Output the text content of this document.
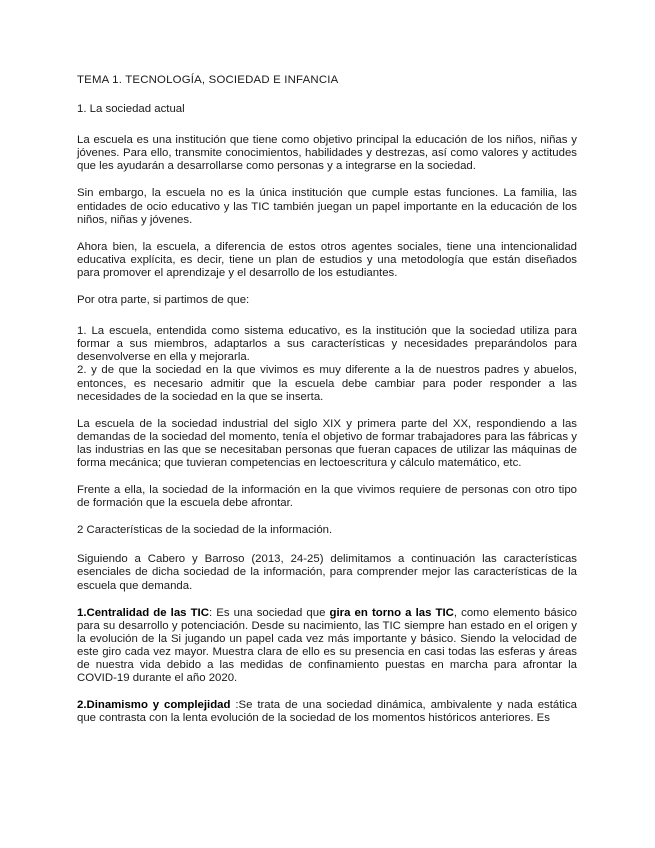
TEMA 1. TECNOLOGÍA, SOCIEDAD E INFANCIA

1. La sociedad actual

La escuela es una institución que tiene como objetivo principal la educación de los niños, niñas y jóvenes. Para ello, transmite conocimientos, habilidades y destrezas, así como valores y actitudes que les ayudarán a desarrollarse como personas y a integrarse en la sociedad.

Sin embargo, la escuela no es la única institución que cumple estas funciones. La familia, las entidades de ocio educativo y las TIC también juegan un papel importante en la educación de los niños, niñas y jóvenes.

Ahora bien, la escuela, a diferencia de estos otros agentes sociales, tiene una intencionalidad educativa explícita, es decir, tiene un plan de estudios y una metodología que están diseñados para promover el aprendizaje y el desarrollo de los estudiantes.

Por otra parte, si partimos de que:

1. La escuela, entendida como sistema educativo, es la institución que la sociedad utiliza para formar a sus miembros, adaptarlos a sus características y necesidades preparándolos para desenvolverse en ella y mejorarla.

2. y de que la sociedad en la que vivimos es muy diferente a la de nuestros padres y abuelos, entonces, es necesario admitir que la escuela debe cambiar para poder responder a las necesidades de la sociedad en la que se inserta.

La escuela de la sociedad industrial del siglo XIX y primera parte del XX, respondiendo a las demandas de la sociedad del momento, tenía el objetivo de formar trabajadores para las fábricas y las industrias en las que se necesitaban personas que fueran capaces de utilizar las máquinas de forma mecánica; que tuvieran competencias en lectoescritura y cálculo matemático, etc.

Frente a ella, la sociedad de la información en la que vivimos requiere de personas con otro tipo de formación que la escuela debe afrontar.

2 Características de la sociedad de la información.

Siguiendo a Cabero y Barroso (2013, 24-25) delimitamos a continuación las características esenciales de dicha sociedad de la información, para comprender mejor las características de la escuela que demanda.

1.Centralidad de las TIC: Es una sociedad que gira en torno a las TIC, como elemento básico para su desarrollo y potenciación. Desde su nacimiento, las TIC siempre han estado en el origen y la evolución de la Si jugando un papel cada vez más importante y básico. Siendo la velocidad de este giro cada vez mayor. Muestra clara de ello es su presencia en casi todas las esferas y áreas de nuestra vida debido a las medidas de confinamiento puestas en marcha para afrontar la COVID-19 durante el año 2020.

2.Dinamismo y complejidad :Se trata de una sociedad dinámica, ambivalente y nada estática que contrasta con la lenta evolución de la sociedad de los momentos históricos anteriores. Es
